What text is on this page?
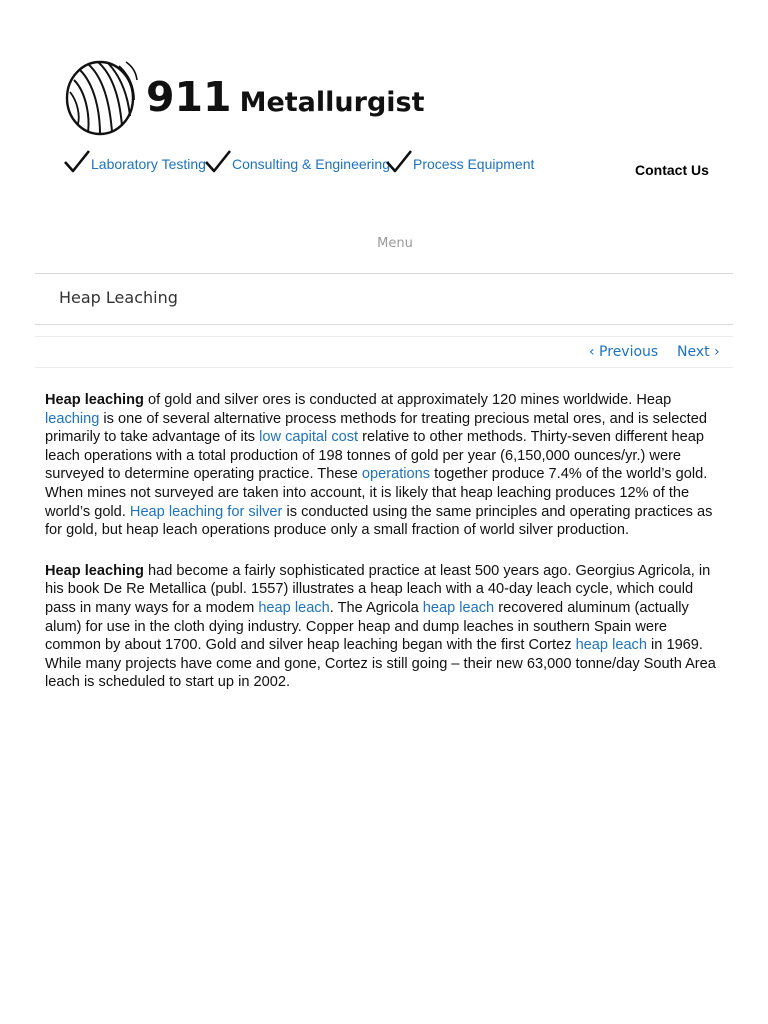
911 Metallurgist
Laboratory Testing Consulting & Engineering Process Equipment	Contact Us
Menu
Heap Leaching
‹ Previous Next ›

Heap leaching of gold and silver ores is conducted at approximately 120 mines worldwide. Heap leaching is one of several alternative process methods for treating precious metal ores, and is selected primarily to take advantage of its low capital cost relative to other methods. Thirty-seven different heap leach operations with a total production of 198 tonnes of gold per year (6,150,000 ounces/yr.) were surveyed to determine operating practice. These operations together produce 7.4% of the world’s gold. When mines not surveyed are taken into account, it is likely that heap leaching produces 12% of the world’s gold. Heap leaching for silver is conducted using the same principles and operating practices as for gold, but heap leach operations produce only a small fraction of world silver production.

Heap leaching had become a fairly sophisticated practice at least 500 years ago. Georgius Agricola, in his book De Re Metallica (publ. 1557) illustrates a heap leach with a 40-day leach cycle, which could pass in many ways for a modem heap leach. The Agricola heap leach recovered aluminum (actually alum) for use in the cloth dying industry. Copper heap and dump leaches in southern Spain were common by about 1700. Gold and silver heap leaching began with the first Cortez heap leach in 1969. While many projects have come and gone, Cortez is still going – their new 63,000 tonne/day South Area leach is scheduled to start up in 2002.
